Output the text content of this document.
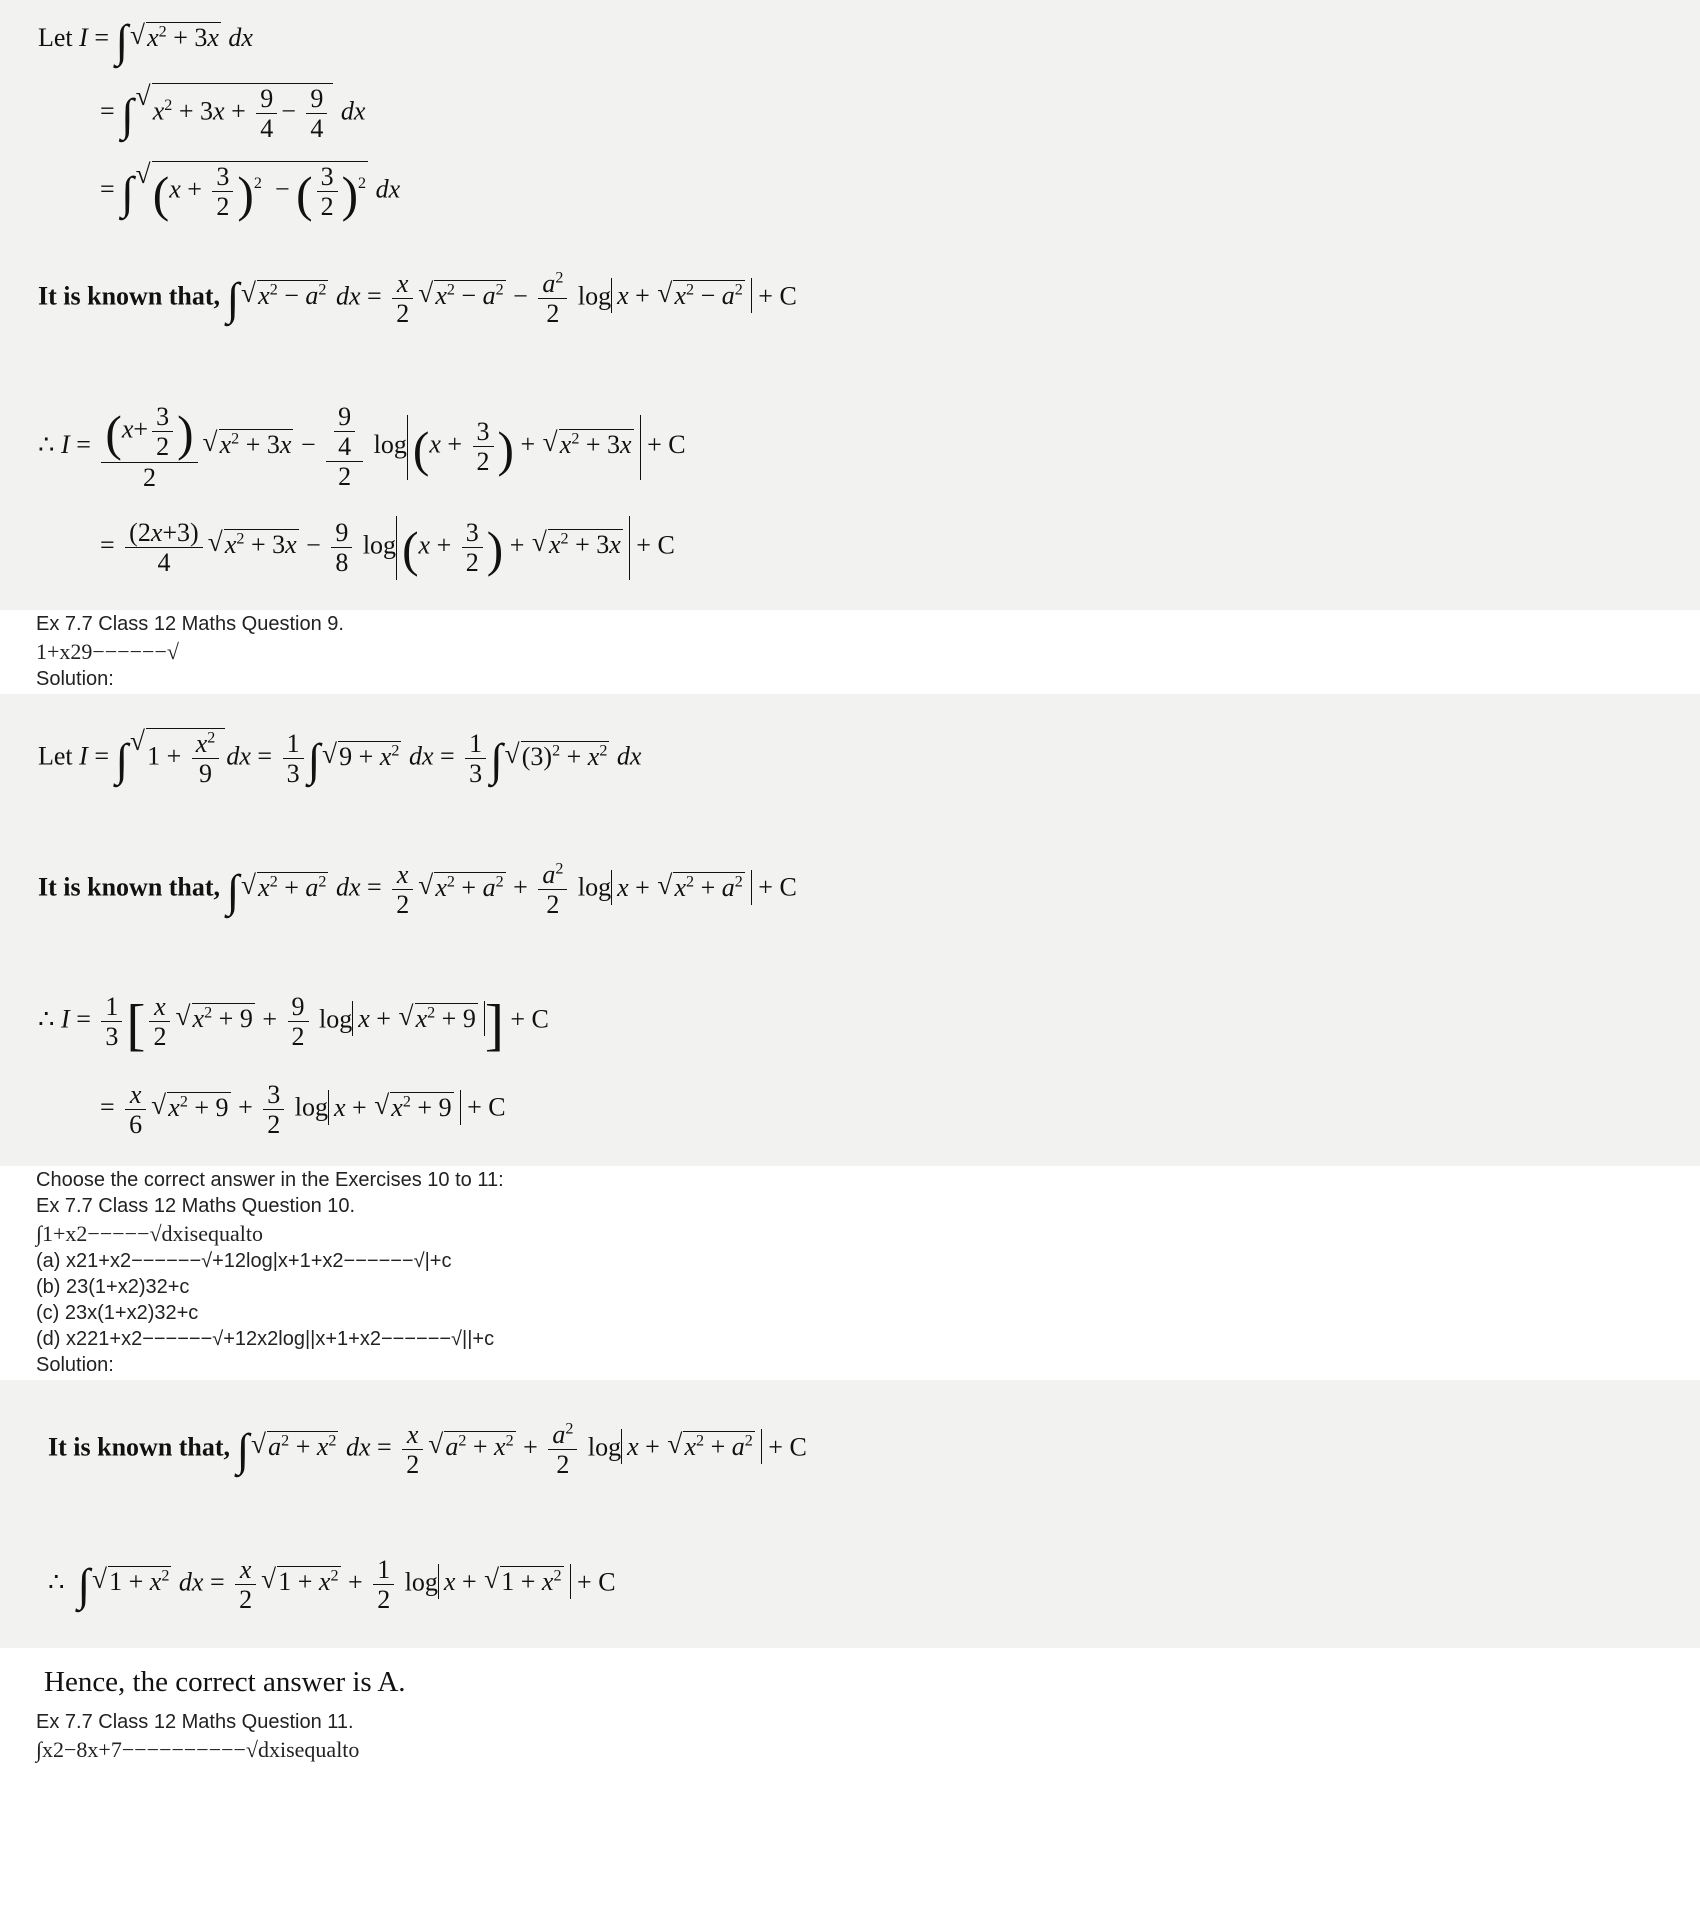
Let I = ∫ √ $x^2 + 3x$ dx
= ∫ √ $x^2 + 3x + \frac{9}{4} - \frac{9}{4}$ dx
= ∫ √ $(x + \frac{3}{2} )^2$  − ( $\frac{3}{2} )^2$ dx
It is known that, ∫ √ $x^2 - a^2$ dx = $\frac{x}{2}$ √ $x^2 - a^2 - \frac{a^2}{2}$ log x + √ $x^2 - a^2 + C$
∴ $I = \frac{(x+ \frac{3}{2} )}{2}$ √ $x^2 + 3x - \frac{\frac{9}{4}}{2}$ $\log (x + \frac{3}{2}$ ) + √ $x^2 + 3x + C$
= $\frac{(2x+3)}{4}$ √ $x^2 + 3x - \frac{9}{8}$ $\log (x + \frac{3}{2}$ ) + √ $x^2 + 3x + C$
Ex 7.7 Class 12 Maths Question 9.
1+x29−−−−−−√
Solution:
Let I = ∫ √ $1 + \frac{x^2}{9}$ dx = $\frac{1}{3}$ ∫ √ $9 + x^2$ dx = $\frac{1}{3}$ ∫ √ $(3)^2 + x^2$ dx
It is known that, ∫ √ $x^2 + a^2$ dx = $\frac{x}{2}$ √ $x^2 + a^2 + \frac{a^2}{2}$ log x + √ $x^2 + a^2 + C$
∴ $I = \frac{1}{3}$ [ $\frac{x}{2}$ √ $x^2 + 9 + \frac{9}{2}$ log x + √ $x^2 + 9$ ] + C
= $\frac{x}{6}$ √ $x^2 + 9 + \frac{3}{2}$ log x + √ $x^2 + 9 + C$
Choose the correct answer in the Exercises 10 to 11:
Ex 7.7 Class 12 Maths Question 10.
∫1+x2−−−−−√dxisequalto
(a) x21+x2−−−−−−√+12log|x+1+x2−−−−−−√|+c
(b) 23(1+x2)32+c
(c) 23x(1+x2)32+c
(d) x221+x2−−−−−−√+12x2log||x+1+x2−−−−−−√||+c
Solution:
It is known that, ∫ √ $a^2 + x^2$ dx = $\frac{x}{2}$ √ $a^2 + x^2 + \frac{a^2}{2}$ log x + √ $x^2 + a^2 + C$
∴  ∫ √ $1 + x^2$ dx = $\frac{x}{2}$ √ $1 + x^2 + \frac{1}{2}$ log x + √ $1 + x^2 + C$
Hence, the correct answer is A.
Ex 7.7 Class 12 Maths Question 11.
∫x2−8x+7−−−−−−−−−−√dxisequalto
